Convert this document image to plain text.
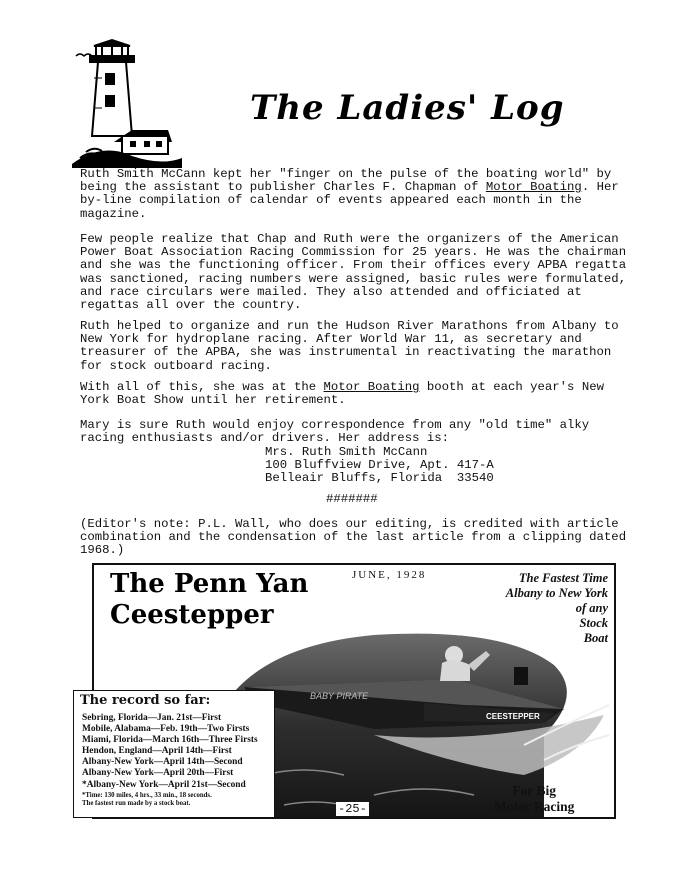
The Ladies' Log

Ruth Smith McCann kept her "finger on the pulse of the boating world" by being the assistant to publisher Charles F. Chapman of Motor Boating. Her by-line compilation of calendar of events appeared each month in the magazine.

Few people realize that Chap and Ruth were the organizers of the American Power Boat Association Racing Commission for 25 years. He was the chairman and she was the functioning officer. From their offices every APBA regatta was sanctioned, racing numbers were assigned, basic rules were formulated, and race circulars were mailed. They also attended and officiated at regattas all over the country.

Ruth helped to organize and run the Hudson River Marathons from Albany to New York for hydroplane racing. After World War 11, as secretary and treasurer of the APBA, she was instrumental in reactivating the marathon for stock outboard racing.

With all of this, she was at the Motor Boating booth at each year's New York Boat Show until her retirement.

Mary is sure Ruth would enjoy correspondence from any "old time" alky racing enthusiasts and/or drivers. Her address is:

Mrs. Ruth Smith McCann
100 Bluffview Drive, Apt. 417-A
Belleair Bluffs, Florida  33540
#######
(Editor's note: P.L. Wall, who does our editing, is credited with article combination and the condensation of the last article from a clipping dated 1968.)
BABY PIRATE
CEESTEPPER
The Penn Yan
Ceestepper
JUNE, 1928	The Fastest Time
Albany to New York
of any
Stock
Boat
The record so far:
Sebring, Florida—Jan. 21st—First
Mobile, Alabama—Feb. 19th—Two Firsts
Miami, Florida—March 16th—Three Firsts
Hendon, England—April 14th—First
Albany-New York—April 14th—Second
Albany-New York—April 20th—First
*Albany-New York—April 21st—Second
*Time: 130 miles, 4 hrs., 33 min., 18 seconds.
The fastest run made by a stock boat.
For Big
Motor Racing
-25-
